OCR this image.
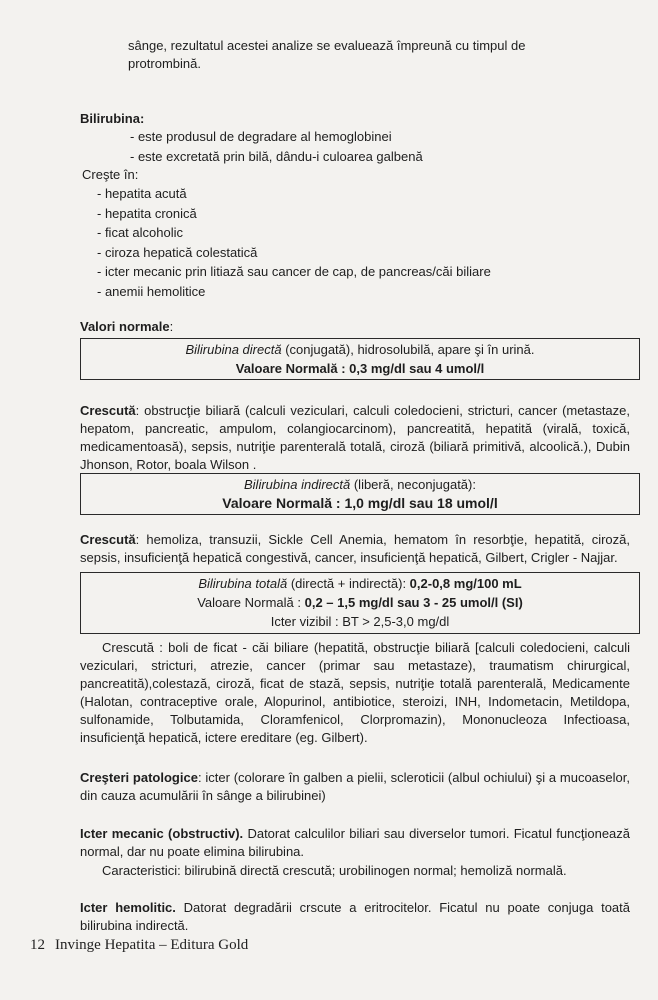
sânge, rezultatul acestei analize se evaluează împreună cu timpul de

protrombină.

Bilirubina:

- este produsul de degradare al hemoglobinei
- este excretată prin bilă, dându-i culoarea galbenă

Creşte în:

- hepatita acută
- hepatita cronică
- ficat alcoholic
- ciroza hepatică colestatică
- icter mecanic prin litiază sau cancer de cap, de pancreas/căi biliare
- anemii hemolitice

Valori normale:

Bilirubina directă (conjugată), hidrosolubilă, apare şi în urină.
Valoare Normală : 0,3 mg/dl sau 4 umol/l

Crescută: obstrucţie biliară (calculi veziculari, calculi coledocieni, stricturi, cancer (metastaze, hepatom, pancreatic, ampulom, colangiocarcinom), pancreatită, hepatită (virală, toxică, medicamentoasă), sepsis, nutriţie parenterală totală, ciroză (biliară primitivă, alcoolică.), Dubin Jhonson, Rotor, boala Wilson .

Bilirubina indirectă (liberă, neconjugată):
Valoare Normală : 1,0 mg/dl sau 18 umol/l

Crescută: hemoliza, transuzii, Sickle Cell Anemia, hematom în resorbţie, hepatită, ciroză, sepsis, insuficienţă hepatică congestivă, cancer, insuficienţă hepatică, Gilbert, Crigler - Najjar.

Bilirubina totală (directă + indirectă): 0,2-0,8 mg/100 mL
Valoare Normală : 0,2 – 1,5 mg/dl sau 3 - 25 umol/l (SI)
Icter vizibil : BT > 2,5-3,0 mg/dl

Crescută : boli de ficat - căi biliare (hepatită, obstrucţie biliară [calculi coledocieni, calculi veziculari, stricturi, atrezie, cancer (primar sau metastaze), traumatism chirurgical, pancreatită),colestază, ciroză, ficat de stază, sepsis, nutriţie totală parenterală, Medicamente (Halotan, contraceptive orale, Alopurinol, antibiotice, steroizi, INH, Indometacin, Metildopa, sulfonamide, Tolbutamida, Cloramfenicol, Clorpromazin), Mononucleoza Infectioasa, insuficienţă hepatică, ictere ereditare (eg. Gilbert).

Creşteri patologice: icter (colorare în galben a pielii, scleroticii (albul ochiului) şi a mucoaselor, din cauza acumulării în sânge a bilirubinei)

Icter mecanic (obstructiv). Datorat calculilor biliari sau diverselor tumori. Ficatul funcţionează normal, dar nu poate elimina bilirubina.

Caracteristici: bilirubină directă crescută; urobilinogen normal; hemoliză normală.

Icter hemolitic. Datorat degradării crscute a eritrocitelor. Ficatul nu poate conjuga toată bilirubina indirectă.

12 Invinge Hepatita – Editura Gold
